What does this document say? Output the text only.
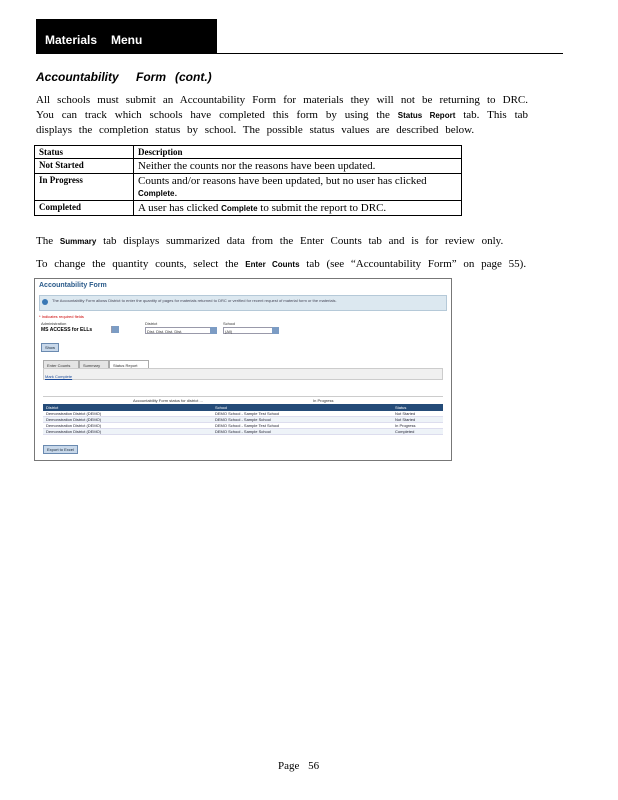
Materials Menu
Accountability Form (cont.)

All schools must submit an Accountability Form for materials they will not be returning to DRC. You can track which schools have completed this form by using the Status Report tab. This tab displays the completion status by school. The possible status values are described below.

Status	Description
Not Started	Neither the counts nor the reasons have been updated.
In Progress	Counts and/or reasons have been updated, but no user has clicked
Complete.
Completed	A user has clicked Complete to submit the report to DRC.

The Summary tab displays summarized data from the Enter Counts tab and is for review only.

To change the quantity counts, select the Enter Counts tab (see “Accountability Form” on page 55).

Accountability Form
The Accountability Form allows District to enter the quantity of pages for materials returned to DRC or verified for recent request of material form or the materials.
* Indicates required fields
Administration
MS ACCESS for ELLs
District
Dist. Dist. Dist. Dist.
School
(All)
Show
Enter Counts	Summary	Status Report
Mark Complete
Accountability Form status for district ...	In Progress
District	School	Status
Demonstration District (DEMO)	DEMO School - Sample Test School	Not Started
Demonstration District (DEMO)	DEMO School - Sample School	Not Started
Demonstration District (DEMO)	DEMO School - Sample Test School	In Progress
Demonstration District (DEMO)	DEMO School - Sample School	Completed
Export to Excel
Page 56
